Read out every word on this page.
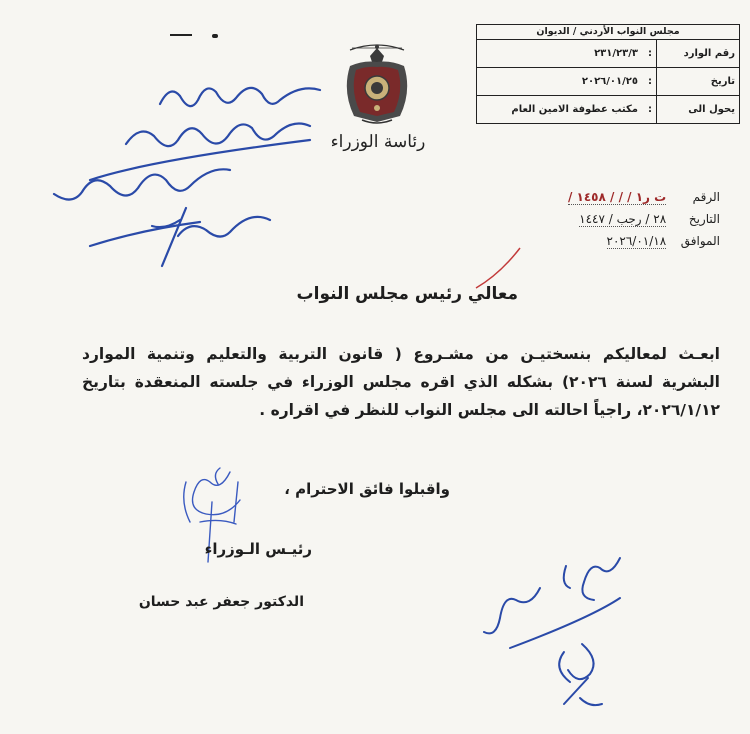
مجلس النواب الأردني / الديوان
رقم الوارد
:
٢٣١/٢٣/٣
تاريخ
:
٢٠٢٦/٠١/٢٥
يحول الى
:
مكتب عطوفة الامين العام
رئاسة الوزراء
الرقم ت ر١ / / / ١٤٥٨ /
التاريخ ٢٨ / رجب / ١٤٤٧
الموافق ٢٠٢٦/٠١/١٨
معالي رئيس مجلس النواب
ابعـث لمعاليكم بنسختيـن من مشـروع ( قانون التربية والتعليم وتنمية الموارد البشرية لسنة ٢٠٢٦) بشكله الذي اقره مجلس الوزراء في جلسته المنعقدة بتاريخ ٢٠٢٦/١/١٢، راجياً احالته الى مجلس النواب للنظر في اقراره .
واقبلوا فائق الاحترام ،
رئيـس الـوزراء
الدكتور جعفر عبد حسان
